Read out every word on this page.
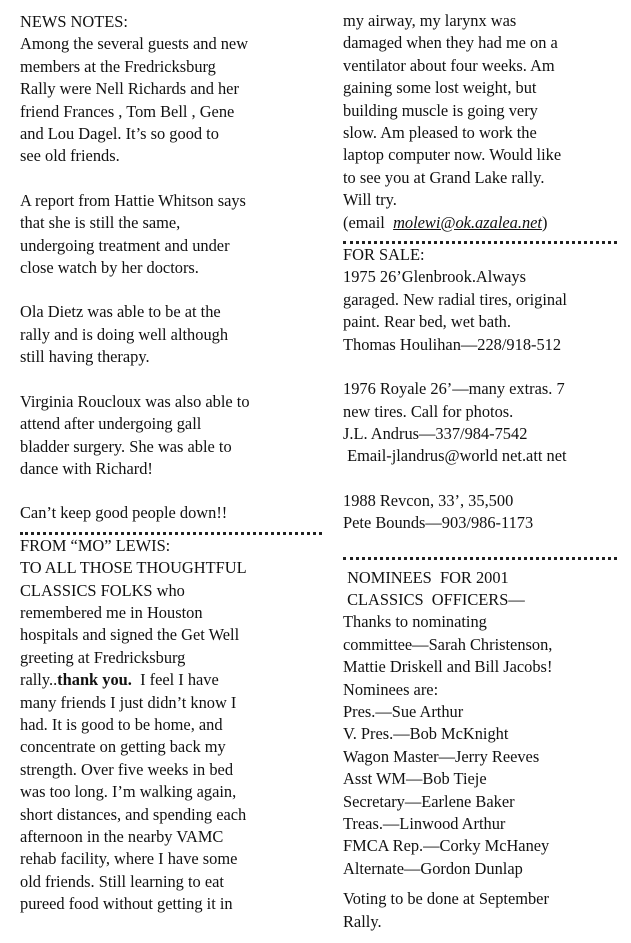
NEWS NOTES:
Among the several guests and new
members at the Fredricksburg
Rally were Nell Richards and her
friend Frances , Tom Bell , Gene
and Lou Dagel. It’s so good to
see old friends.

A report from Hattie Whitson says
that she is still the same,
undergoing treatment and under
close watch by her doctors.

Ola Dietz was able to be at the
rally and is doing well although
still having therapy.

Virginia Roucloux was also able to
attend after undergoing gall
bladder surgery. She was able to
dance with Richard!

Can’t keep good people down!!

FROM “MO” LEWIS:
TO ALL THOSE THOUGHTFUL
CLASSICS FOLKS who
remembered me in Houston
hospitals and signed the Get Well
greeting at Fredricksburg
rally..thank you.  I feel I have
many friends I just didn’t know I
had. It is good to be home, and
concentrate on getting back my
strength. Over five weeks in bed
was too long. I’m walking again,
short distances, and spending each
afternoon in the nearby VAMC
rehab facility, where I have some
old friends. Still learning to eat
pureed food without getting it in

my airway, my larynx was
damaged when they had me on a
ventilator about four weeks. Am
gaining some lost weight, but
building muscle is going very
slow. Am pleased to work the
laptop computer now. Would like
to see you at Grand Lake rally.
Will try.
(email  molewi@ok.azalea.net)

FOR SALE:
1975 26’Glenbrook.Always
garaged. New radial tires, original
paint. Rear bed, wet bath.
Thomas Houlihan—228/918-512

1976 Royale 26’—many extras. 7
new tires. Call for photos.
J.L. Andrus—337/984-7542
Email-jlandrus@world net.att net

1988 Revcon, 33’, 35,500
Pete Bounds—903/986-1173

NOMINEES  FOR 2001
CLASSICS  OFFICERS—
Thanks to nominating
committee—Sarah Christenson,
Mattie Driskell and Bill Jacobs!
Nominees are:
Pres.—Sue Arthur
V. Pres.—Bob McKnight
Wagon Master—Jerry Reeves
Asst WM—Bob Tieje
Secretary—Earlene Baker
Treas.—Linwood Arthur
FMCA Rep.—Corky McHaney
Alternate—Gordon Dunlap

Voting to be done at September
Rally.
